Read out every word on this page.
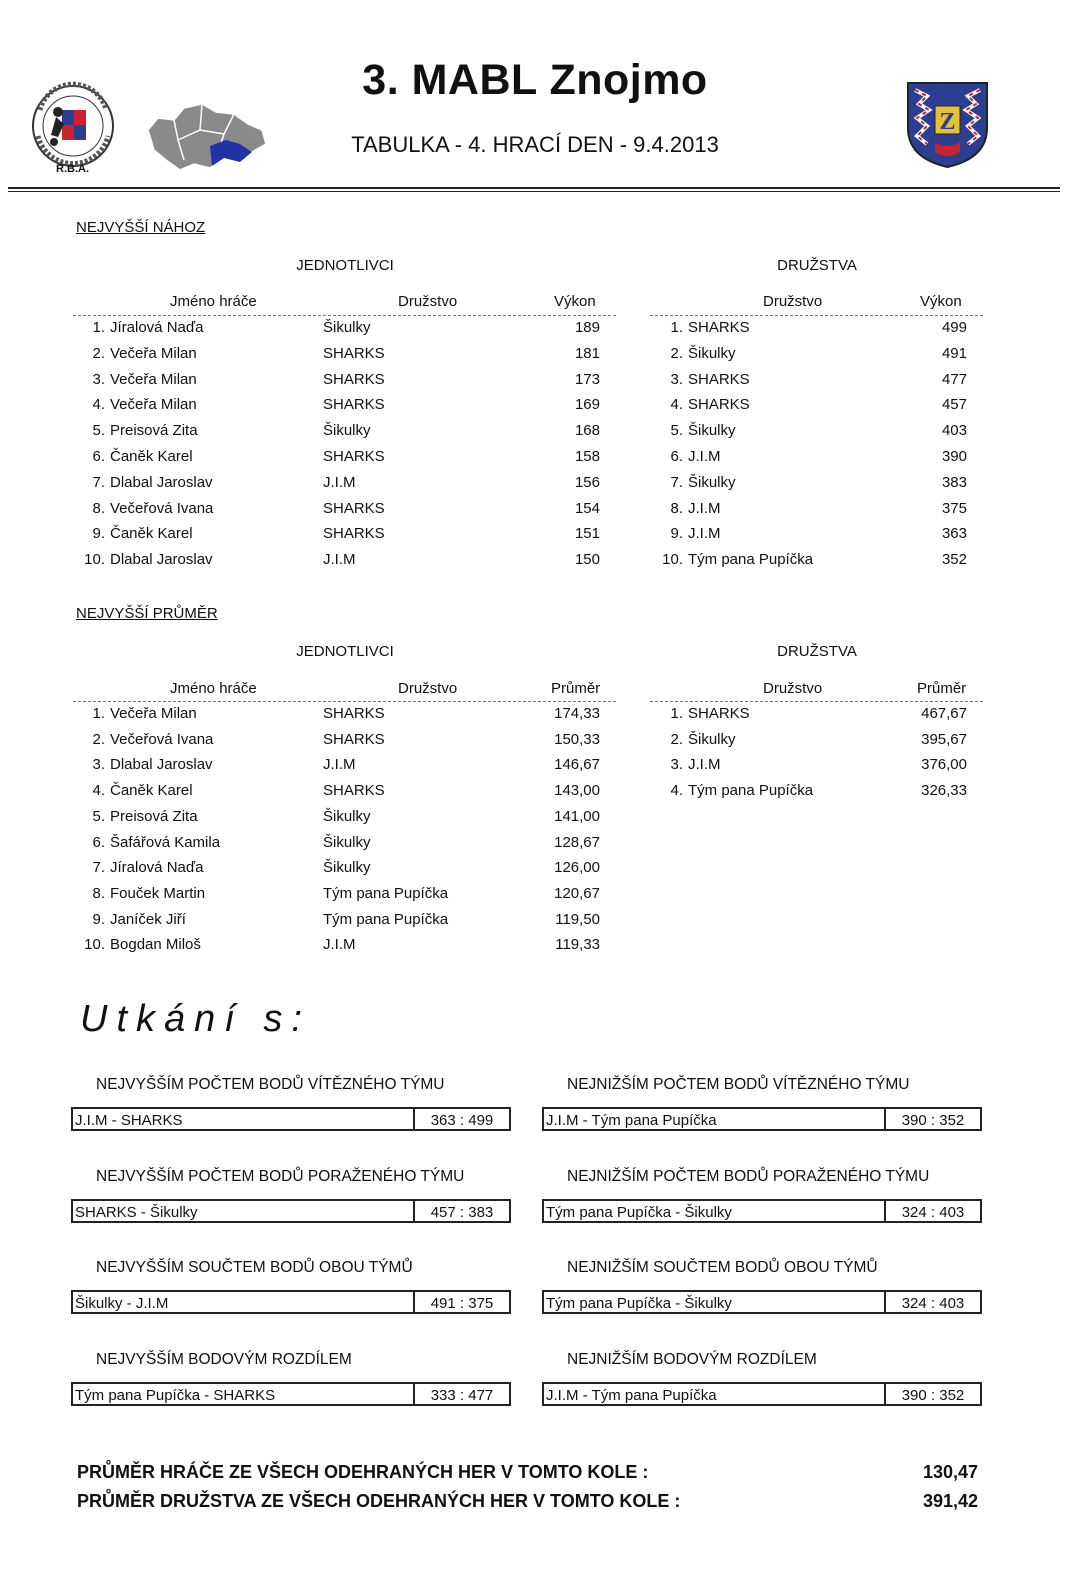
R.B.A.
3. MABL Znojmo
TABULKA - 4. HRACÍ DEN - 9.4.2013
Z
NEJVYŠŠÍ NÁHOZ
JEDNOTLIVCI	DRUŽSTVA
Jméno hráče	Družstvo	Výkon	Družstvo	Výkon
1. Jíralová Naďa	Šikulky	189
2. Večeřa Milan	SHARKS	181
3. Večeřa Milan	SHARKS	173
4. Večeřa Milan	SHARKS	169
5. Preisová Zita	Šikulky	168
6. Čaněk Karel	SHARKS	158
7. Dlabal Jaroslav	J.I.M	156
8. Večeřová Ivana	SHARKS	154
9. Čaněk Karel	SHARKS	151
10. Dlabal Jaroslav	J.I.M	150
1. SHARKS	499
2. Šikulky	491
3. SHARKS	477
4. SHARKS	457
5. Šikulky	403
6. J.I.M	390
7. Šikulky	383
8. J.I.M	375
9. J.I.M	363
10. Tým pana Pupíčka	352
NEJVYŠŠÍ PRŮMĚR
JEDNOTLIVCI	DRUŽSTVA
Jméno hráče	Družstvo	Průměr	Družstvo	Průměr
1. Večeřa Milan	SHARKS	174,33
2. Večeřová Ivana	SHARKS	150,33
3. Dlabal Jaroslav	J.I.M	146,67
4. Čaněk Karel	SHARKS	143,00
5. Preisová Zita	Šikulky	141,00
6. Šafářová Kamila	Šikulky	128,67
7. Jíralová Naďa	Šikulky	126,00
8. Fouček Martin	Tým pana Pupíčka	120,67
9. Janíček Jiří	Tým pana Pupíčka	119,50
10. Bogdan Miloš	J.I.M	119,33
1. SHARKS	467,67
2. Šikulky	395,67
3. J.I.M	376,00
4. Tým pana Pupíčka	326,33
Utkání s:
NEJVYŠŠÍM POČTEM BODŮ VÍTĚZNÉHO TÝMU
J.I.M - SHARKS	363 : 499
NEJNIŽŠÍM POČTEM BODŮ VÍTĚZNÉHO TÝMU
J.I.M - Tým pana Pupíčka	390 : 352
NEJVYŠŠÍM POČTEM BODŮ PORAŽENÉHO TÝMU
SHARKS - Šikulky	457 : 383
NEJNIŽŠÍM POČTEM BODŮ PORAŽENÉHO TÝMU
Tým pana Pupíčka - Šikulky	324 : 403
NEJVYŠŠÍM SOUČTEM BODŮ OBOU TÝMŮ
Šikulky - J.I.M	491 : 375
NEJNIŽŠÍM SOUČTEM BODŮ OBOU TÝMŮ
Tým pana Pupíčka - Šikulky	324 : 403
NEJVYŠŠÍM BODOVÝM ROZDÍLEM
Tým pana Pupíčka - SHARKS	333 : 477
NEJNIŽŠÍM BODOVÝM ROZDÍLEM
J.I.M - Tým pana Pupíčka	390 : 352
PRŮMĚR HRÁČE ZE VŠECH ODEHRANÝCH HER V TOMTO KOLE :	130,47
PRŮMĚR DRUŽSTVA ZE VŠECH ODEHRANÝCH HER V TOMTO KOLE :	391,42
